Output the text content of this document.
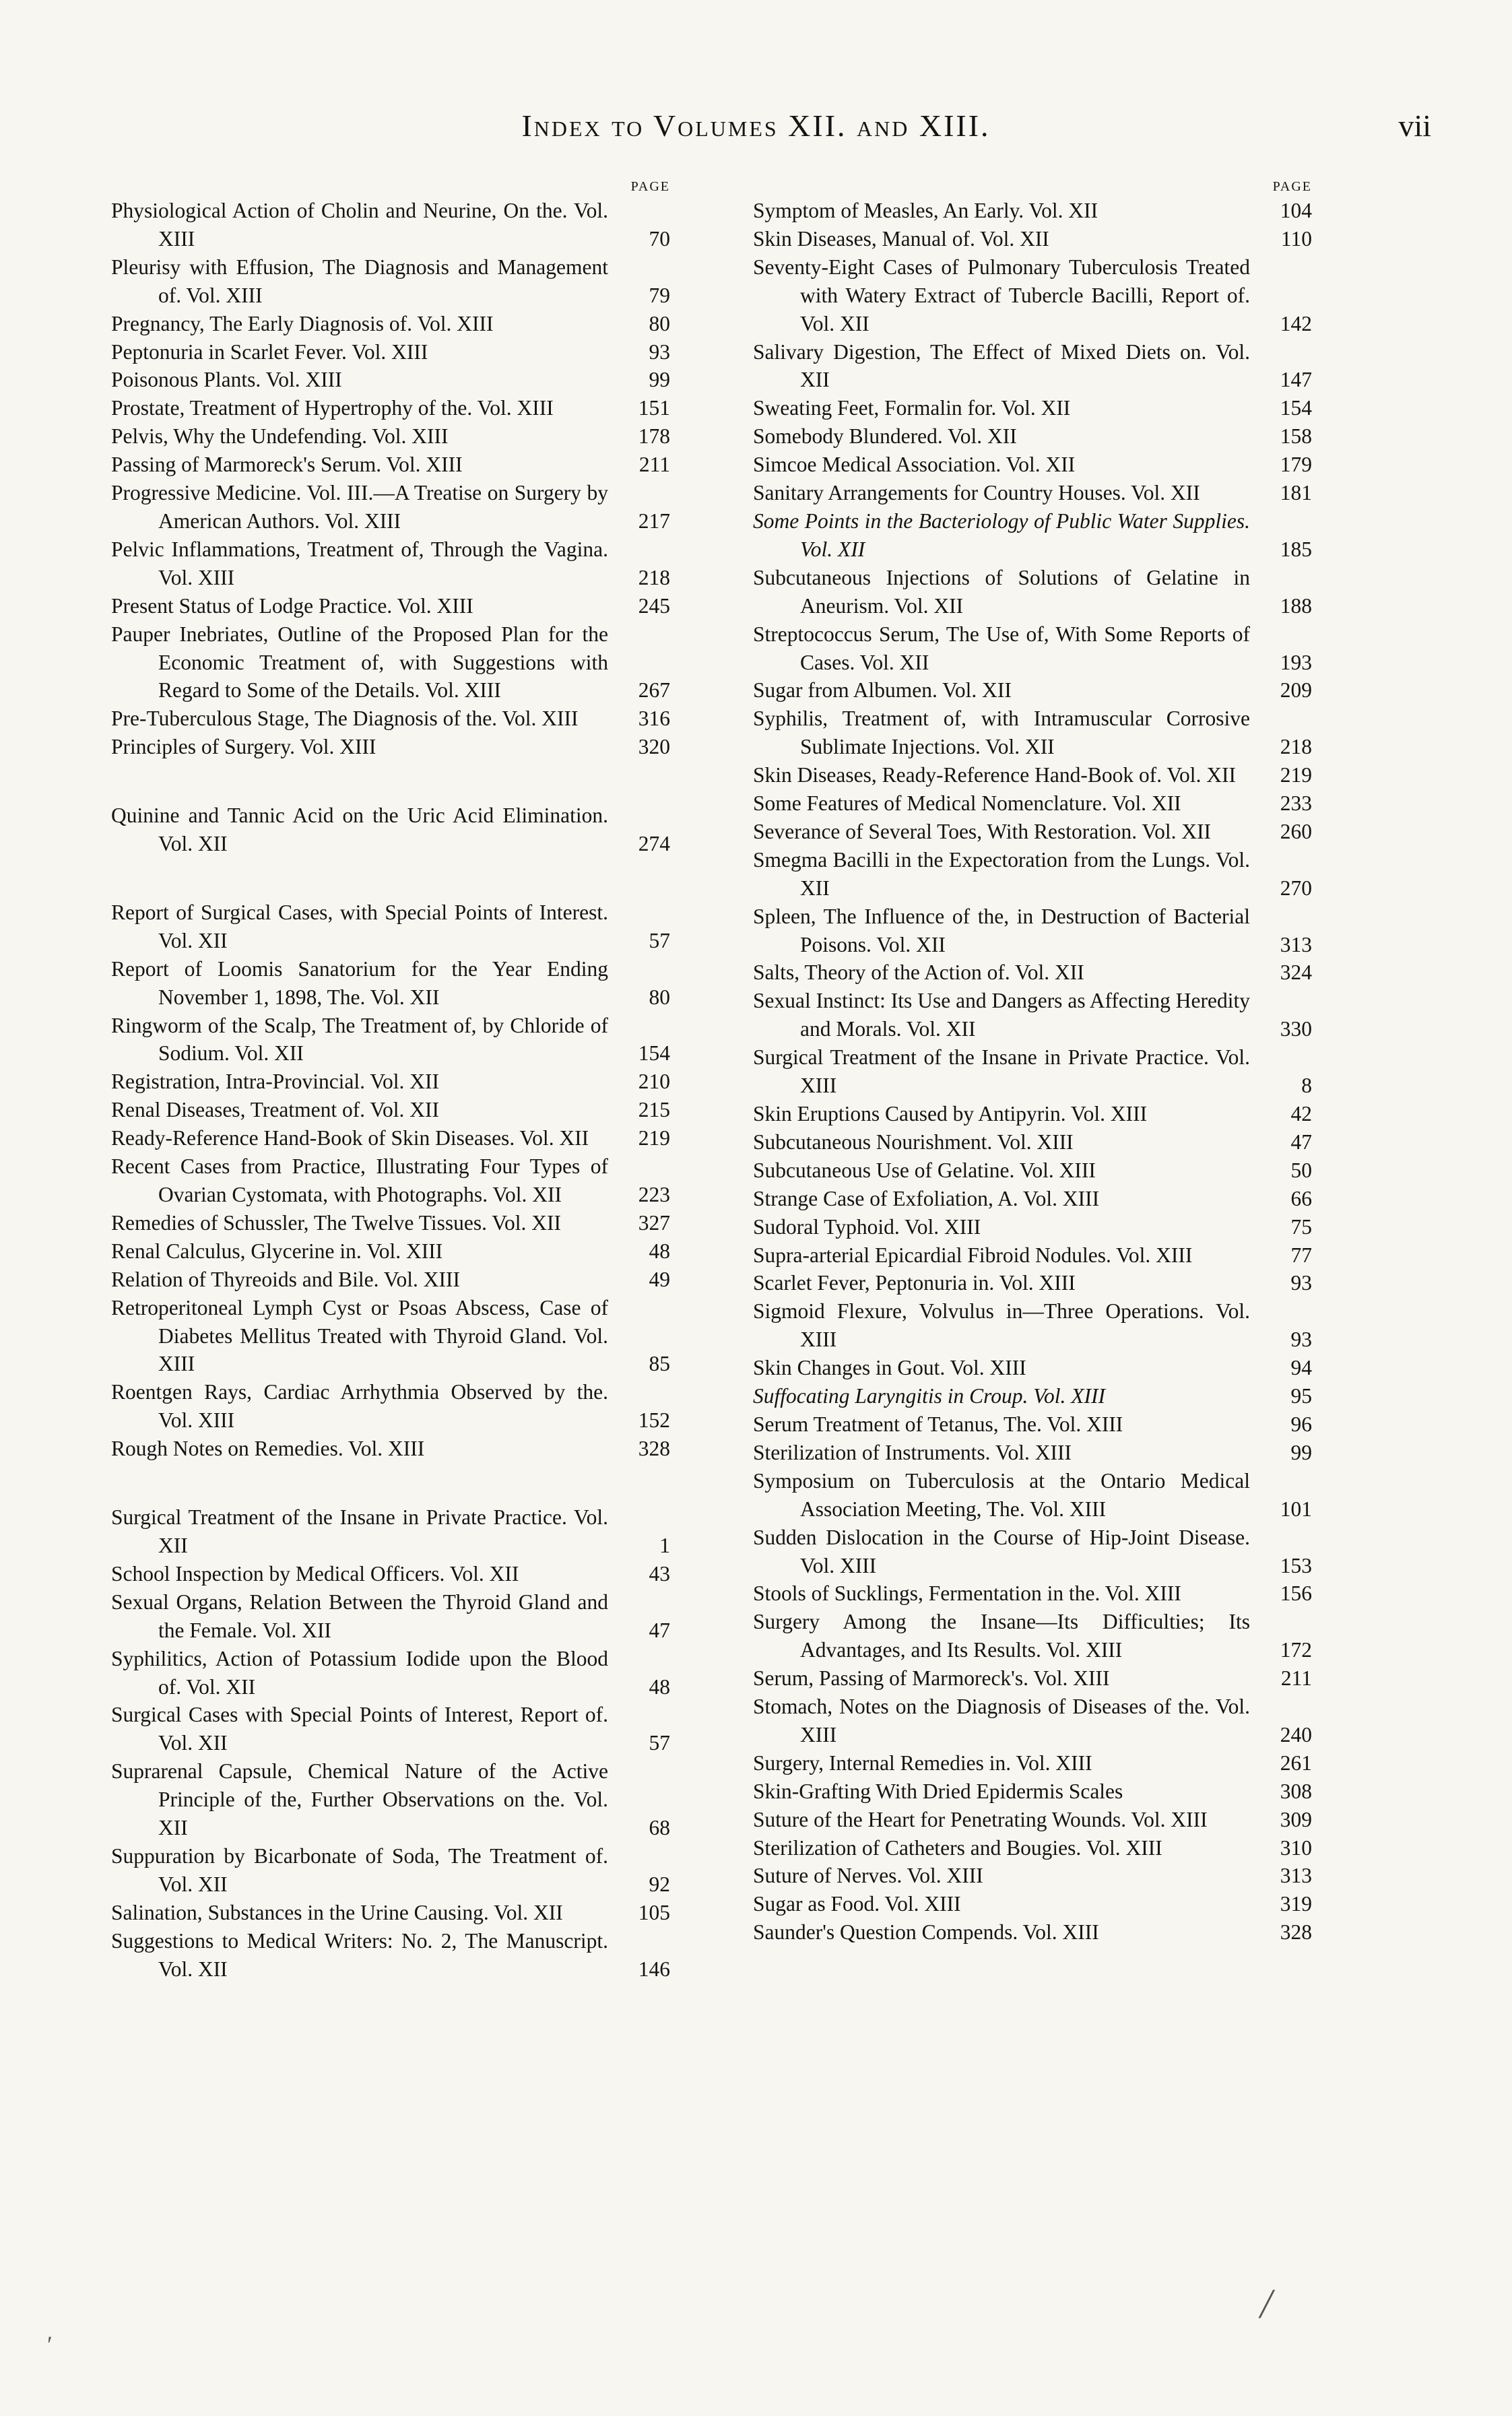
Index to Volumes XII. and XIII.	vii
PAGE
Physiological Action of Cholin and Neurine, On the. Vol. XIII	70
Pleurisy with Effusion, The Diagnosis and Management of. Vol. XIII	79
Pregnancy, The Early Diagnosis of. Vol. XIII	80
Peptonuria in Scarlet Fever. Vol. XIII	93
Poisonous Plants. Vol. XIII	99
Prostate, Treatment of Hypertrophy of the. Vol. XIII	151
Pelvis, Why the Undefending. Vol. XIII	178
Passing of Marmoreck's Serum. Vol. XIII	211
Progressive Medicine. Vol. III.—A Treatise on Surgery by American Authors. Vol. XIII	217
Pelvic Inflammations, Treatment of, Through the Vagina. Vol. XIII	218
Present Status of Lodge Practice. Vol. XIII	245
Pauper Inebriates, Outline of the Proposed Plan for the Economic Treatment of, with Suggestions with Regard to Some of the Details. Vol. XIII	267
Pre-Tuberculous Stage, The Diagnosis of the. Vol. XIII	316
Principles of Surgery. Vol. XIII	320
Quinine and Tannic Acid on the Uric Acid Elimination. Vol. XII	274
Report of Surgical Cases, with Special Points of Interest. Vol. XII	57
Report of Loomis Sanatorium for the Year Ending November 1, 1898, The. Vol. XII	80
Ringworm of the Scalp, The Treatment of, by Chloride of Sodium. Vol. XII	154
Registration, Intra-Provincial. Vol. XII	210
Renal Diseases, Treatment of. Vol. XII	215
Ready-Reference Hand-Book of Skin Diseases. Vol. XII	219
Recent Cases from Practice, Illustrating Four Types of Ovarian Cystomata, with Photographs. Vol. XII	223
Remedies of Schussler, The Twelve Tissues. Vol. XII	327
Renal Calculus, Glycerine in. Vol. XIII	48
Relation of Thyreoids and Bile. Vol. XIII	49
Retroperitoneal Lymph Cyst or Psoas Abscess, Case of Diabetes Mellitus Treated with Thyroid Gland. Vol. XIII	85
Roentgen Rays, Cardiac Arrhythmia Observed by the. Vol. XIII	152
Rough Notes on Remedies. Vol. XIII	328
Surgical Treatment of the Insane in Private Practice. Vol. XII	1
School Inspection by Medical Officers. Vol. XII	43
Sexual Organs, Relation Between the Thyroid Gland and the Female. Vol. XII	47
Syphilitics, Action of Potassium Iodide upon the Blood of. Vol. XII	48
Surgical Cases with Special Points of Interest, Report of. Vol. XII	57
Suprarenal Capsule, Chemical Nature of the Active Principle of the, Further Observations on the. Vol. XII	68
Suppuration by Bicarbonate of Soda, The Treatment of. Vol. XII	92
Salination, Substances in the Urine Causing. Vol. XII	105
Suggestions to Medical Writers: No. 2, The Manuscript. Vol. XII	146
PAGE
Symptom of Measles, An Early. Vol. XII	104
Skin Diseases, Manual of. Vol. XII	110
Seventy-Eight Cases of Pulmonary Tuberculosis Treated with Watery Extract of Tubercle Bacilli, Report of. Vol. XII	142
Salivary Digestion, The Effect of Mixed Diets on. Vol. XII	147
Sweating Feet, Formalin for. Vol. XII	154
Somebody Blundered. Vol. XII	158
Simcoe Medical Association. Vol. XII	179
Sanitary Arrangements for Country Houses. Vol. XII	181
Some Points in the Bacteriology of Public Water Supplies. Vol. XII	185
Subcutaneous Injections of Solutions of Gelatine in Aneurism. Vol. XII	188
Streptococcus Serum, The Use of, With Some Reports of Cases. Vol. XII	193
Sugar from Albumen. Vol. XII	209
Syphilis, Treatment of, with Intramuscular Corrosive Sublimate Injections. Vol. XII	218
Skin Diseases, Ready-Reference Hand-Book of. Vol. XII	219
Some Features of Medical Nomenclature. Vol. XII	233
Severance of Several Toes, With Restoration. Vol. XII	260
Smegma Bacilli in the Expectoration from the Lungs. Vol. XII	270
Spleen, The Influence of the, in Destruction of Bacterial Poisons. Vol. XII	313
Salts, Theory of the Action of. Vol. XII	324
Sexual Instinct: Its Use and Dangers as Affecting Heredity and Morals. Vol. XII	330
Surgical Treatment of the Insane in Private Practice. Vol. XIII	8
Skin Eruptions Caused by Antipyrin. Vol. XIII	42
Subcutaneous Nourishment. Vol. XIII	47
Subcutaneous Use of Gelatine. Vol. XIII	50
Strange Case of Exfoliation, A. Vol. XIII	66
Sudoral Typhoid. Vol. XIII	75
Supra-arterial Epicardial Fibroid Nodules. Vol. XIII	77
Scarlet Fever, Peptonuria in. Vol. XIII	93
Sigmoid Flexure, Volvulus in—Three Operations. Vol. XIII	93
Skin Changes in Gout. Vol. XIII	94
Suffocating Laryngitis in Croup. Vol. XIII	95
Serum Treatment of Tetanus, The. Vol. XIII	96
Sterilization of Instruments. Vol. XIII	99
Symposium on Tuberculosis at the Ontario Medical Association Meeting, The. Vol. XIII	101
Sudden Dislocation in the Course of Hip-Joint Disease. Vol. XIII	153
Stools of Sucklings, Fermentation in the. Vol. XIII	156
Surgery Among the Insane—Its Difficulties; Its Advantages, and Its Results. Vol. XIII	172
Serum, Passing of Marmoreck's. Vol. XIII	211
Stomach, Notes on the Diagnosis of Diseases of the. Vol. XIII	240
Surgery, Internal Remedies in. Vol. XIII	261
Skin-Grafting With Dried Epidermis Scales	308
Suture of the Heart for Penetrating Wounds. Vol. XIII	309
Sterilization of Catheters and Bougies. Vol. XIII	310
Suture of Nerves. Vol. XIII	313
Sugar as Food. Vol. XIII	319
Saunder's Question Compends. Vol. XIII	328
╱
ʹ
